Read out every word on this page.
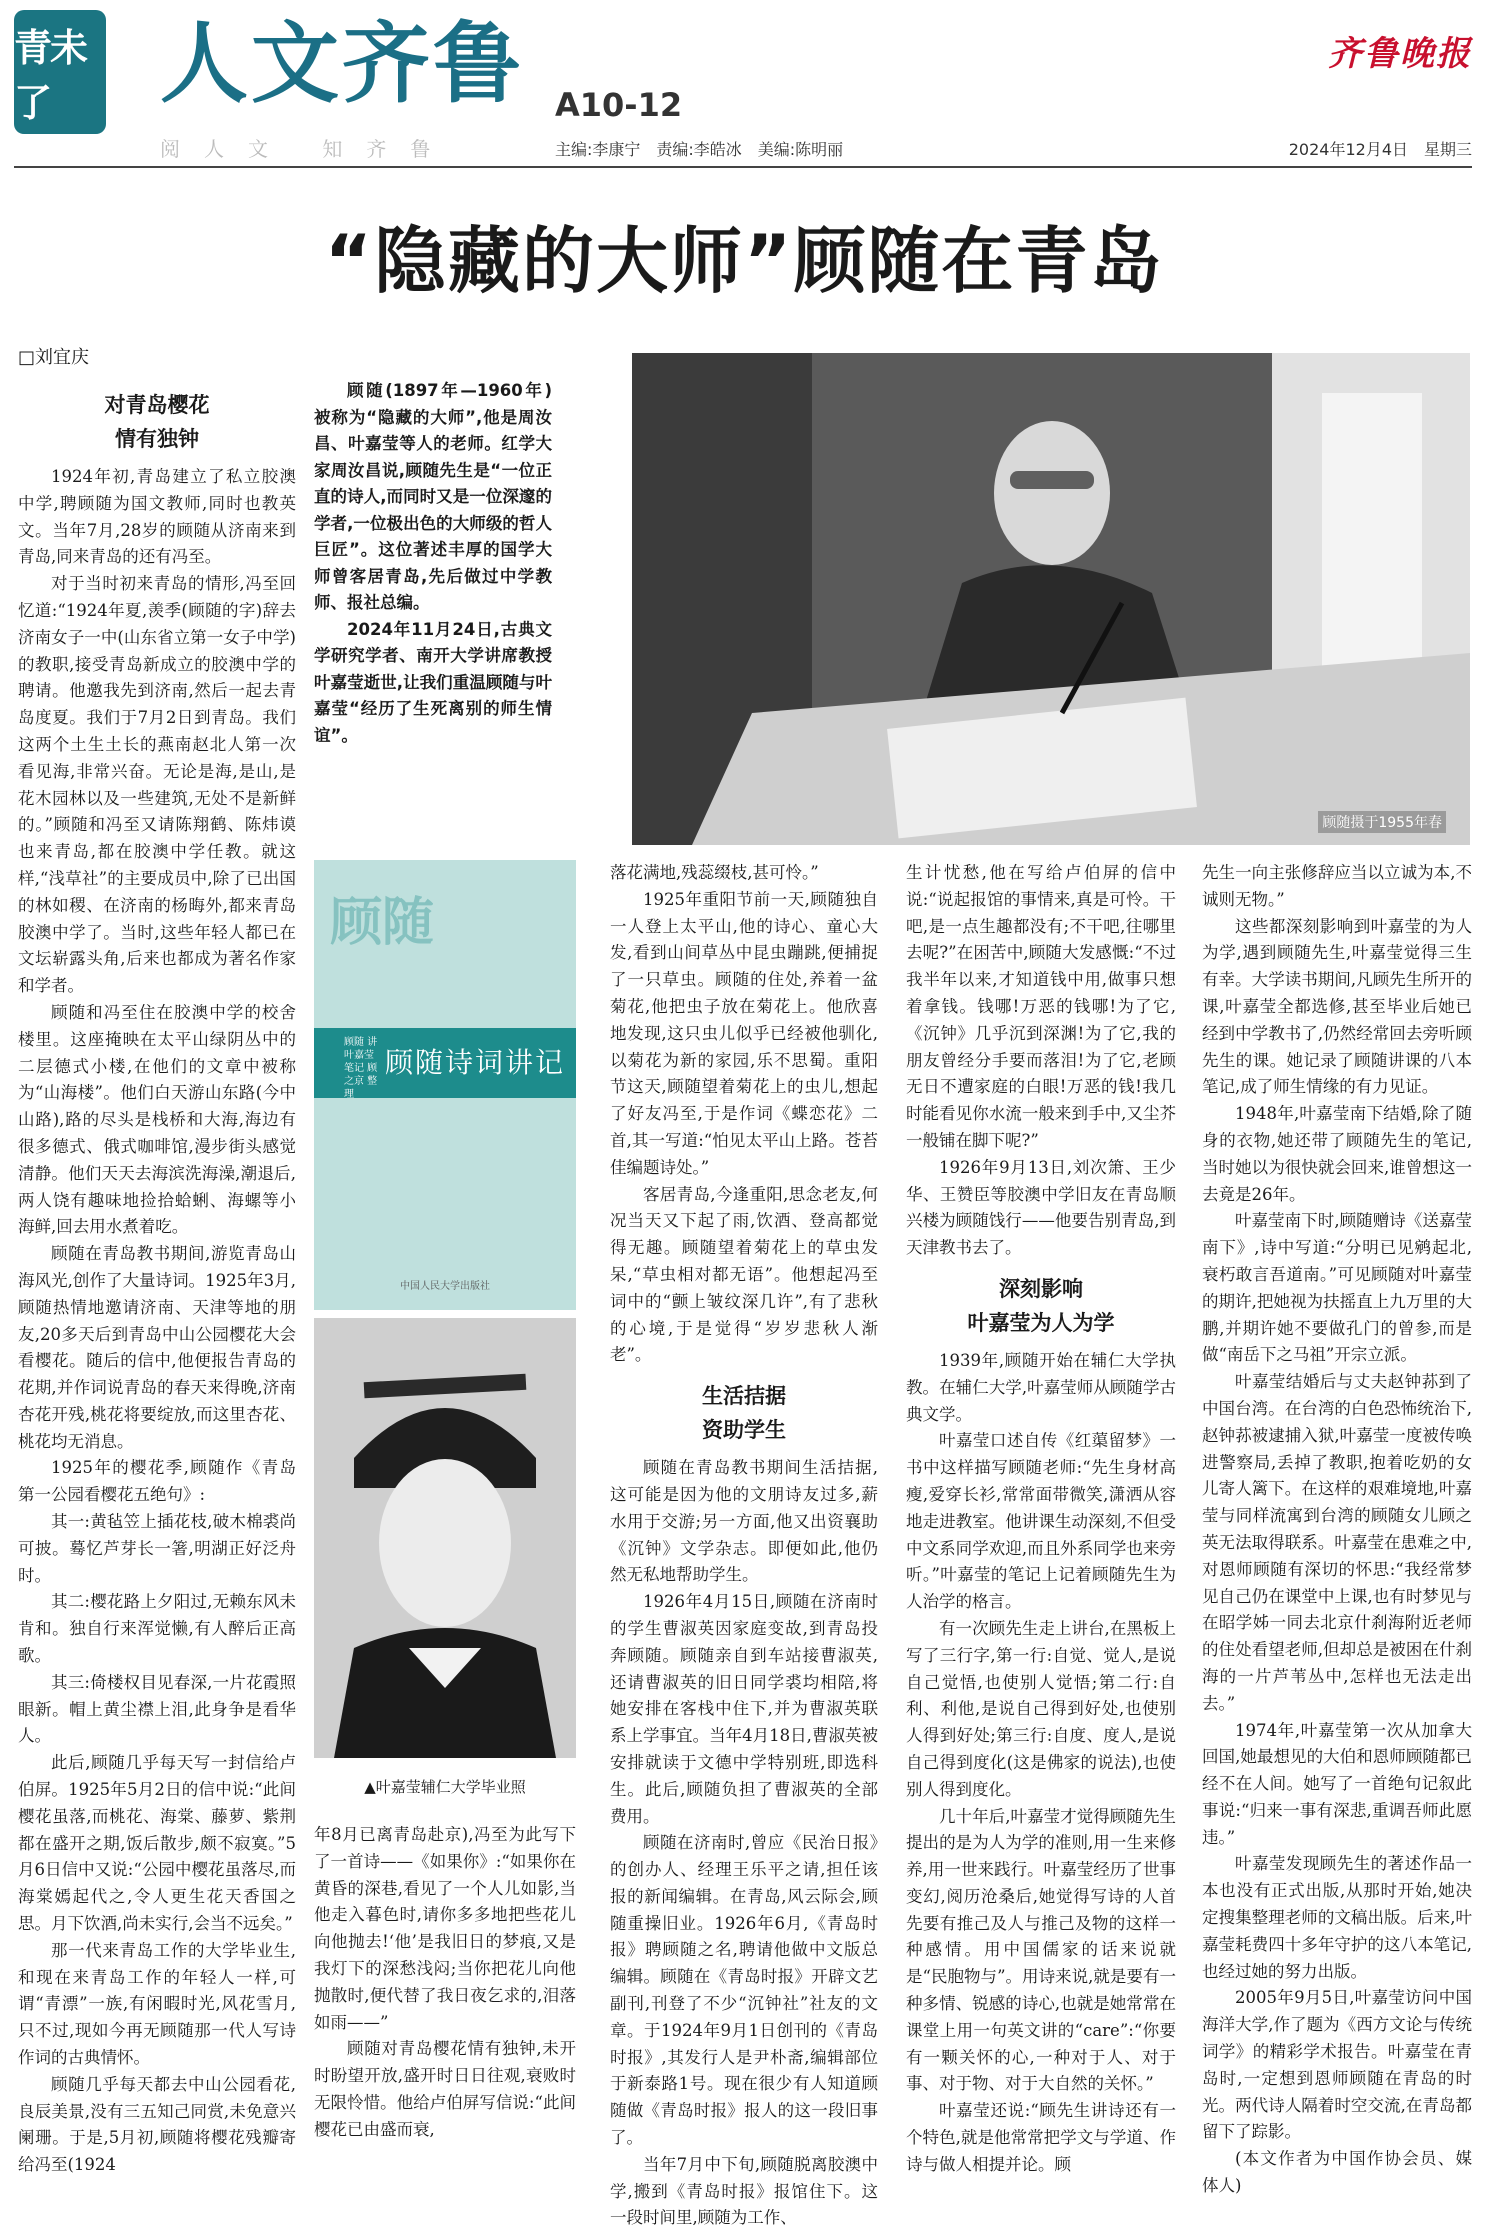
青未了	人文齐鲁
阅人文 知齐鲁
A10-12
主编:李康宁　责编:李皓冰　美编:陈明丽
齐鲁晚报
2024年12月4日　星期三
“隐藏的大师”顾随在青岛
□刘宜庆
对青岛樱花
情有独钟

1924年初,青岛建立了私立胶澳中学,聘顾随为国文教师,同时也教英文。当年7月,28岁的顾随从济南来到青岛,同来青岛的还有冯至。

对于当时初来青岛的情形,冯至回忆道:“1924年夏,羡季(顾随的字)辞去济南女子一中(山东省立第一女子中学)的教职,接受青岛新成立的胶澳中学的聘请。他邀我先到济南,然后一起去青岛度夏。我们于7月2日到青岛。我们这两个土生土长的燕南赵北人第一次看见海,非常兴奋。无论是海,是山,是花木园林以及一些建筑,无处不是新鲜的。”顾随和冯至又请陈翔鹤、陈炜谟也来青岛,都在胶澳中学任教。就这样,“浅草社”的主要成员中,除了已出国的林如稷、在济南的杨晦外,都来青岛胶澳中学了。当时,这些年轻人都已在文坛崭露头角,后来也都成为著名作家和学者。

顾随和冯至住在胶澳中学的校舍楼里。这座掩映在太平山绿阴丛中的二层德式小楼,在他们的文章中被称为“山海楼”。他们白天游山东路(今中山路),路的尽头是栈桥和大海,海边有很多德式、俄式咖啡馆,漫步街头感觉清静。他们天天去海滨洗海澡,潮退后,两人饶有趣味地捡拾蛤蜊、海螺等小海鲜,回去用水煮着吃。

顾随在青岛教书期间,游览青岛山海风光,创作了大量诗词。1925年3月,顾随热情地邀请济南、天津等地的朋友,20多天后到青岛中山公园樱花大会看樱花。随后的信中,他便报告青岛的花期,并作词说青岛的春天来得晚,济南杏花开残,桃花将要绽放,而这里杏花、桃花均无消息。

1925年的樱花季,顾随作《青岛第一公园看樱花五绝句》:

其一:黄毡笠上插花枝,破木棉裘尚可披。蓦忆芦芽长一箸,明湖正好泛舟时。

其二:樱花路上夕阳过,无赖东风未肯和。独自行来浑觉懒,有人醉后正高歌。

其三:倚楼权目见春深,一片花霞照眼新。帽上黄尘襟上泪,此身争是看华人。

此后,顾随几乎每天写一封信给卢伯屏。1925年5月2日的信中说:“此间樱花虽落,而桃花、海棠、藤萝、紫荆都在盛开之期,饭后散步,颇不寂寞。”5月6日信中又说:“公园中樱花虽落尽,而海棠嫣起代之,令人更生花天香国之思。月下饮酒,尚未实行,会当不远矣。”

那一代来青岛工作的大学毕业生,和现在来青岛工作的年轻人一样,可谓“青漂”一族,有闲暇时光,风花雪月,只不过,现如今再无顾随那一代人写诗作词的古典情怀。

顾随几乎每天都去中山公园看花,良辰美景,没有三五知己同赏,未免意兴阑珊。于是,5月初,顾随将樱花残瓣寄给冯至(1924

顾随(1897年—1960年)被称为“隐藏的大师”,他是周汝昌、叶嘉莹等人的老师。红学大家周汝昌说,顾随先生是“一位正直的诗人,而同时又是一位深邃的学者,一位极出色的大师级的哲人巨匠”。这位著述丰厚的国学大师曾客居青岛,先后做过中学教师、报社总编。

2024年11月24日,古典文学研究学者、南开大学讲席教授叶嘉莹逝世,让我们重温顾随与叶嘉莹“经历了生死离别的师生情谊”。

顾随摄于1955年春
顾随
顾随诗词讲记
顾随 讲 叶嘉莹 笔记 顾之京 整理
中国人民大学出版社
▲叶嘉莹辅仁大学毕业照

年8月已离青岛赴京),冯至为此写下了一首诗——《如果你》:“如果你在黄昏的深巷,看见了一个人儿如影,当他走入暮色时,请你多多地把些花儿向他抛去!‘他’是我旧日的梦痕,又是我灯下的深愁浅闷;当你把花儿向他抛散时,便代替了我日夜乞求的,泪落如雨——”

顾随对青岛樱花情有独钟,未开时盼望开放,盛开时日日往观,衰败时无限怜惜。他给卢伯屏写信说:“此间樱花已由盛而衰,

落花满地,残蕊缀枝,甚可怜。”

1925年重阳节前一天,顾随独自一人登上太平山,他的诗心、童心大发,看到山间草丛中昆虫蹦跳,便捕捉了一只草虫。顾随的住处,养着一盆菊花,他把虫子放在菊花上。他欣喜地发现,这只虫儿似乎已经被他驯化,以菊花为新的家园,乐不思蜀。重阳节这天,顾随望着菊花上的虫儿,想起了好友冯至,于是作词《蝶恋花》二首,其一写道:“怕见太平山上路。苍苔佳编题诗处。”

客居青岛,今逢重阳,思念老友,何况当天又下起了雨,饮酒、登高都觉得无趣。顾随望着菊花上的草虫发呆,“草虫相对都无语”。他想起冯至词中的“颤上皱纹深几许”,有了悲秋的心境,于是觉得“岁岁悲秋人渐老”。

生活拮据
资助学生

顾随在青岛教书期间生活拮据,这可能是因为他的文朋诗友过多,薪水用于交游;另一方面,他又出资襄助《沉钟》文学杂志。即便如此,他仍然无私地帮助学生。

1926年4月15日,顾随在济南时的学生曹淑英因家庭变故,到青岛投奔顾随。顾随亲自到车站接曹淑英,还请曹淑英的旧日同学裘均相陪,将她安排在客栈中住下,并为曹淑英联系上学事宜。当年4月18日,曹淑英被安排就读于文德中学特别班,即选科生。此后,顾随负担了曹淑英的全部费用。

顾随在济南时,曾应《民治日报》的创办人、经理王乐平之请,担任该报的新闻编辑。在青岛,风云际会,顾随重操旧业。1926年6月,《青岛时报》聘顾随之名,聘请他做中文版总编辑。顾随在《青岛时报》开辟文艺副刊,刊登了不少“沉钟社”社友的文章。于1924年9月1日创刊的《青岛时报》,其发行人是尹朴斋,编辑部位于新泰路1号。现在很少有人知道顾随做《青岛时报》报人的这一段旧事了。

当年7月中下旬,顾随脱离胶澳中学,搬到《青岛时报》报馆住下。这一段时间里,顾随为工作、

生计忧愁,他在写给卢伯屏的信中说:“说起报馆的事情来,真是可怜。干吧,是一点生趣都没有;不干吧,往哪里去呢?”在困苦中,顾随大发感慨:“不过我半年以来,才知道钱中用,做事只想着拿钱。钱哪!万恶的钱哪!为了它,《沉钟》几乎沉到深渊!为了它,我的朋友曾经分手要而落泪!为了它,老顾无日不遭家庭的白眼!万恶的钱!我几时能看见你水流一般来到手中,又尘芥一般铺在脚下呢?”

1926年9月13日,刘次箫、王少华、王赞臣等胶澳中学旧友在青岛顺兴楼为顾随饯行——他要告别青岛,到天津教书去了。

深刻影响
叶嘉莹为人为学

1939年,顾随开始在辅仁大学执教。在辅仁大学,叶嘉莹师从顾随学古典文学。

叶嘉莹口述自传《红蕖留梦》一书中这样描写顾随老师:“先生身材高瘦,爱穿长衫,常常面带微笑,潇洒从容地走进教室。他讲课生动深刻,不但受中文系同学欢迎,而且外系同学也来旁听。”叶嘉莹的笔记上记着顾随先生为人治学的格言。

有一次顾先生走上讲台,在黑板上写了三行字,第一行:自觉、觉人,是说自己觉悟,也使别人觉悟;第二行:自利、利他,是说自己得到好处,也使别人得到好处;第三行:自度、度人,是说自己得到度化(这是佛家的说法),也使别人得到度化。

几十年后,叶嘉莹才觉得顾随先生提出的是为人为学的准则,用一生来修养,用一世来践行。叶嘉莹经历了世事变幻,阅历沧桑后,她觉得写诗的人首先要有推己及人与推己及物的这样一种感情。用中国儒家的话来说就是“民胞物与”。用诗来说,就是要有一种多情、锐感的诗心,也就是她常常在课堂上用一句英文讲的“care”:“你要有一颗关怀的心,一种对于人、对于事、对于物、对于大自然的关怀。”

叶嘉莹还说:“顾先生讲诗还有一个特色,就是他常常把学文与学道、作诗与做人相提并论。顾

先生一向主张修辞应当以立诚为本,不诚则无物。”

这些都深刻影响到叶嘉莹的为人为学,遇到顾随先生,叶嘉莹觉得三生有幸。大学读书期间,凡顾先生所开的课,叶嘉莹全都选修,甚至毕业后她已经到中学教书了,仍然经常回去旁听顾先生的课。她记录了顾随讲课的八本笔记,成了师生情缘的有力见证。

1948年,叶嘉莹南下结婚,除了随身的衣物,她还带了顾随先生的笔记,当时她以为很快就会回来,谁曾想这一去竟是26年。

叶嘉莹南下时,顾随赠诗《送嘉莹南下》,诗中写道:“分明已见鹓起北,衰朽敢言吾道南。”可见顾随对叶嘉莹的期许,把她视为扶摇直上九万里的大鹏,并期许她不要做孔门的曾参,而是做“南岳下之马祖”开宗立派。

叶嘉莹结婚后与丈夫赵钟荪到了中国台湾。在台湾的白色恐怖统治下,赵钟荪被逮捕入狱,叶嘉莹一度被传唤进警察局,丢掉了教职,抱着吃奶的女儿寄人篱下。在这样的艰难境地,叶嘉莹与同样流寓到台湾的顾随女儿顾之英无法取得联系。叶嘉莹在患难之中,对恩师顾随有深切的怀思:“我经常梦见自己仍在课堂中上课,也有时梦见与在昭学姊一同去北京什刹海附近老师的住处看望老师,但却总是被困在什刹海的一片芦苇丛中,怎样也无法走出去。”

1974年,叶嘉莹第一次从加拿大回国,她最想见的大伯和恩师顾随都已经不在人间。她写了一首绝句记叙此事说:“归来一事有深悲,重调吾师此愿违。”

叶嘉莹发现顾先生的著述作品一本也没有正式出版,从那时开始,她决定搜集整理老师的文稿出版。后来,叶嘉莹耗费四十多年守护的这八本笔记,也经过她的努力出版。

2005年9月5日,叶嘉莹访问中国海洋大学,作了题为《西方文论与传统词学》的精彩学术报告。叶嘉莹在青岛时,一定想到恩师顾随在青岛的时光。两代诗人隔着时空交流,在青岛都留下了踪影。

(本文作者为中国作协会员、媒体人)
